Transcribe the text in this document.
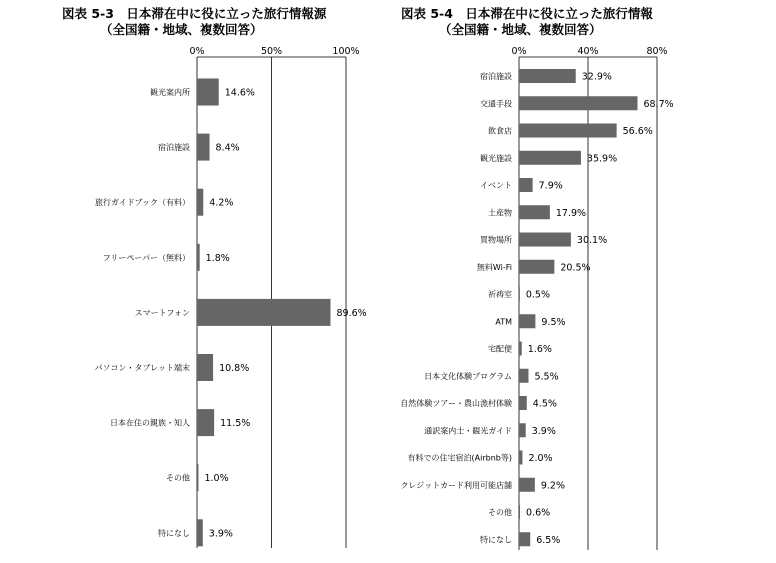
図表 5-3　日本滞在中に役に立った旅行情報源
（全国籍・地域、複数回答）
図表 5-4　日本滞在中に役に立った旅行情報
（全国籍・地域、複数回答）
0%	50%	100%
観光案内所	14.6%
宿泊施設	8.4%
旅行ガイドブック（有料） 4.2%
フリーペーパー（無料） 1.8%
スマートフォン	89.6%
パソコン・タブレット端末	10.8%
日本在住の親族・知人	11.5%
その他 1.0%
特になし 3.9%
0%	40%	80%
宿泊施設	32.9%
交通手段	68.7%
飲食店	56.6%
観光施設	35.9%
イベント	7.9%
土産物	17.9%
買物場所	30.1%
無料Wi-Fi	20.5%
祈祷室 0.5%
ATM	9.5%
宅配便 1.6%
日本文化体験プログラム 5.5%
自然体験ツアー・農山漁村体験 4.5%
通訳案内士・観光ガイド 3.9%
有料での住宅宿泊(Airbnb等) 2.0%
クレジットカード利用可能店舗	9.2%
その他 0.6%
特になし	6.5%
